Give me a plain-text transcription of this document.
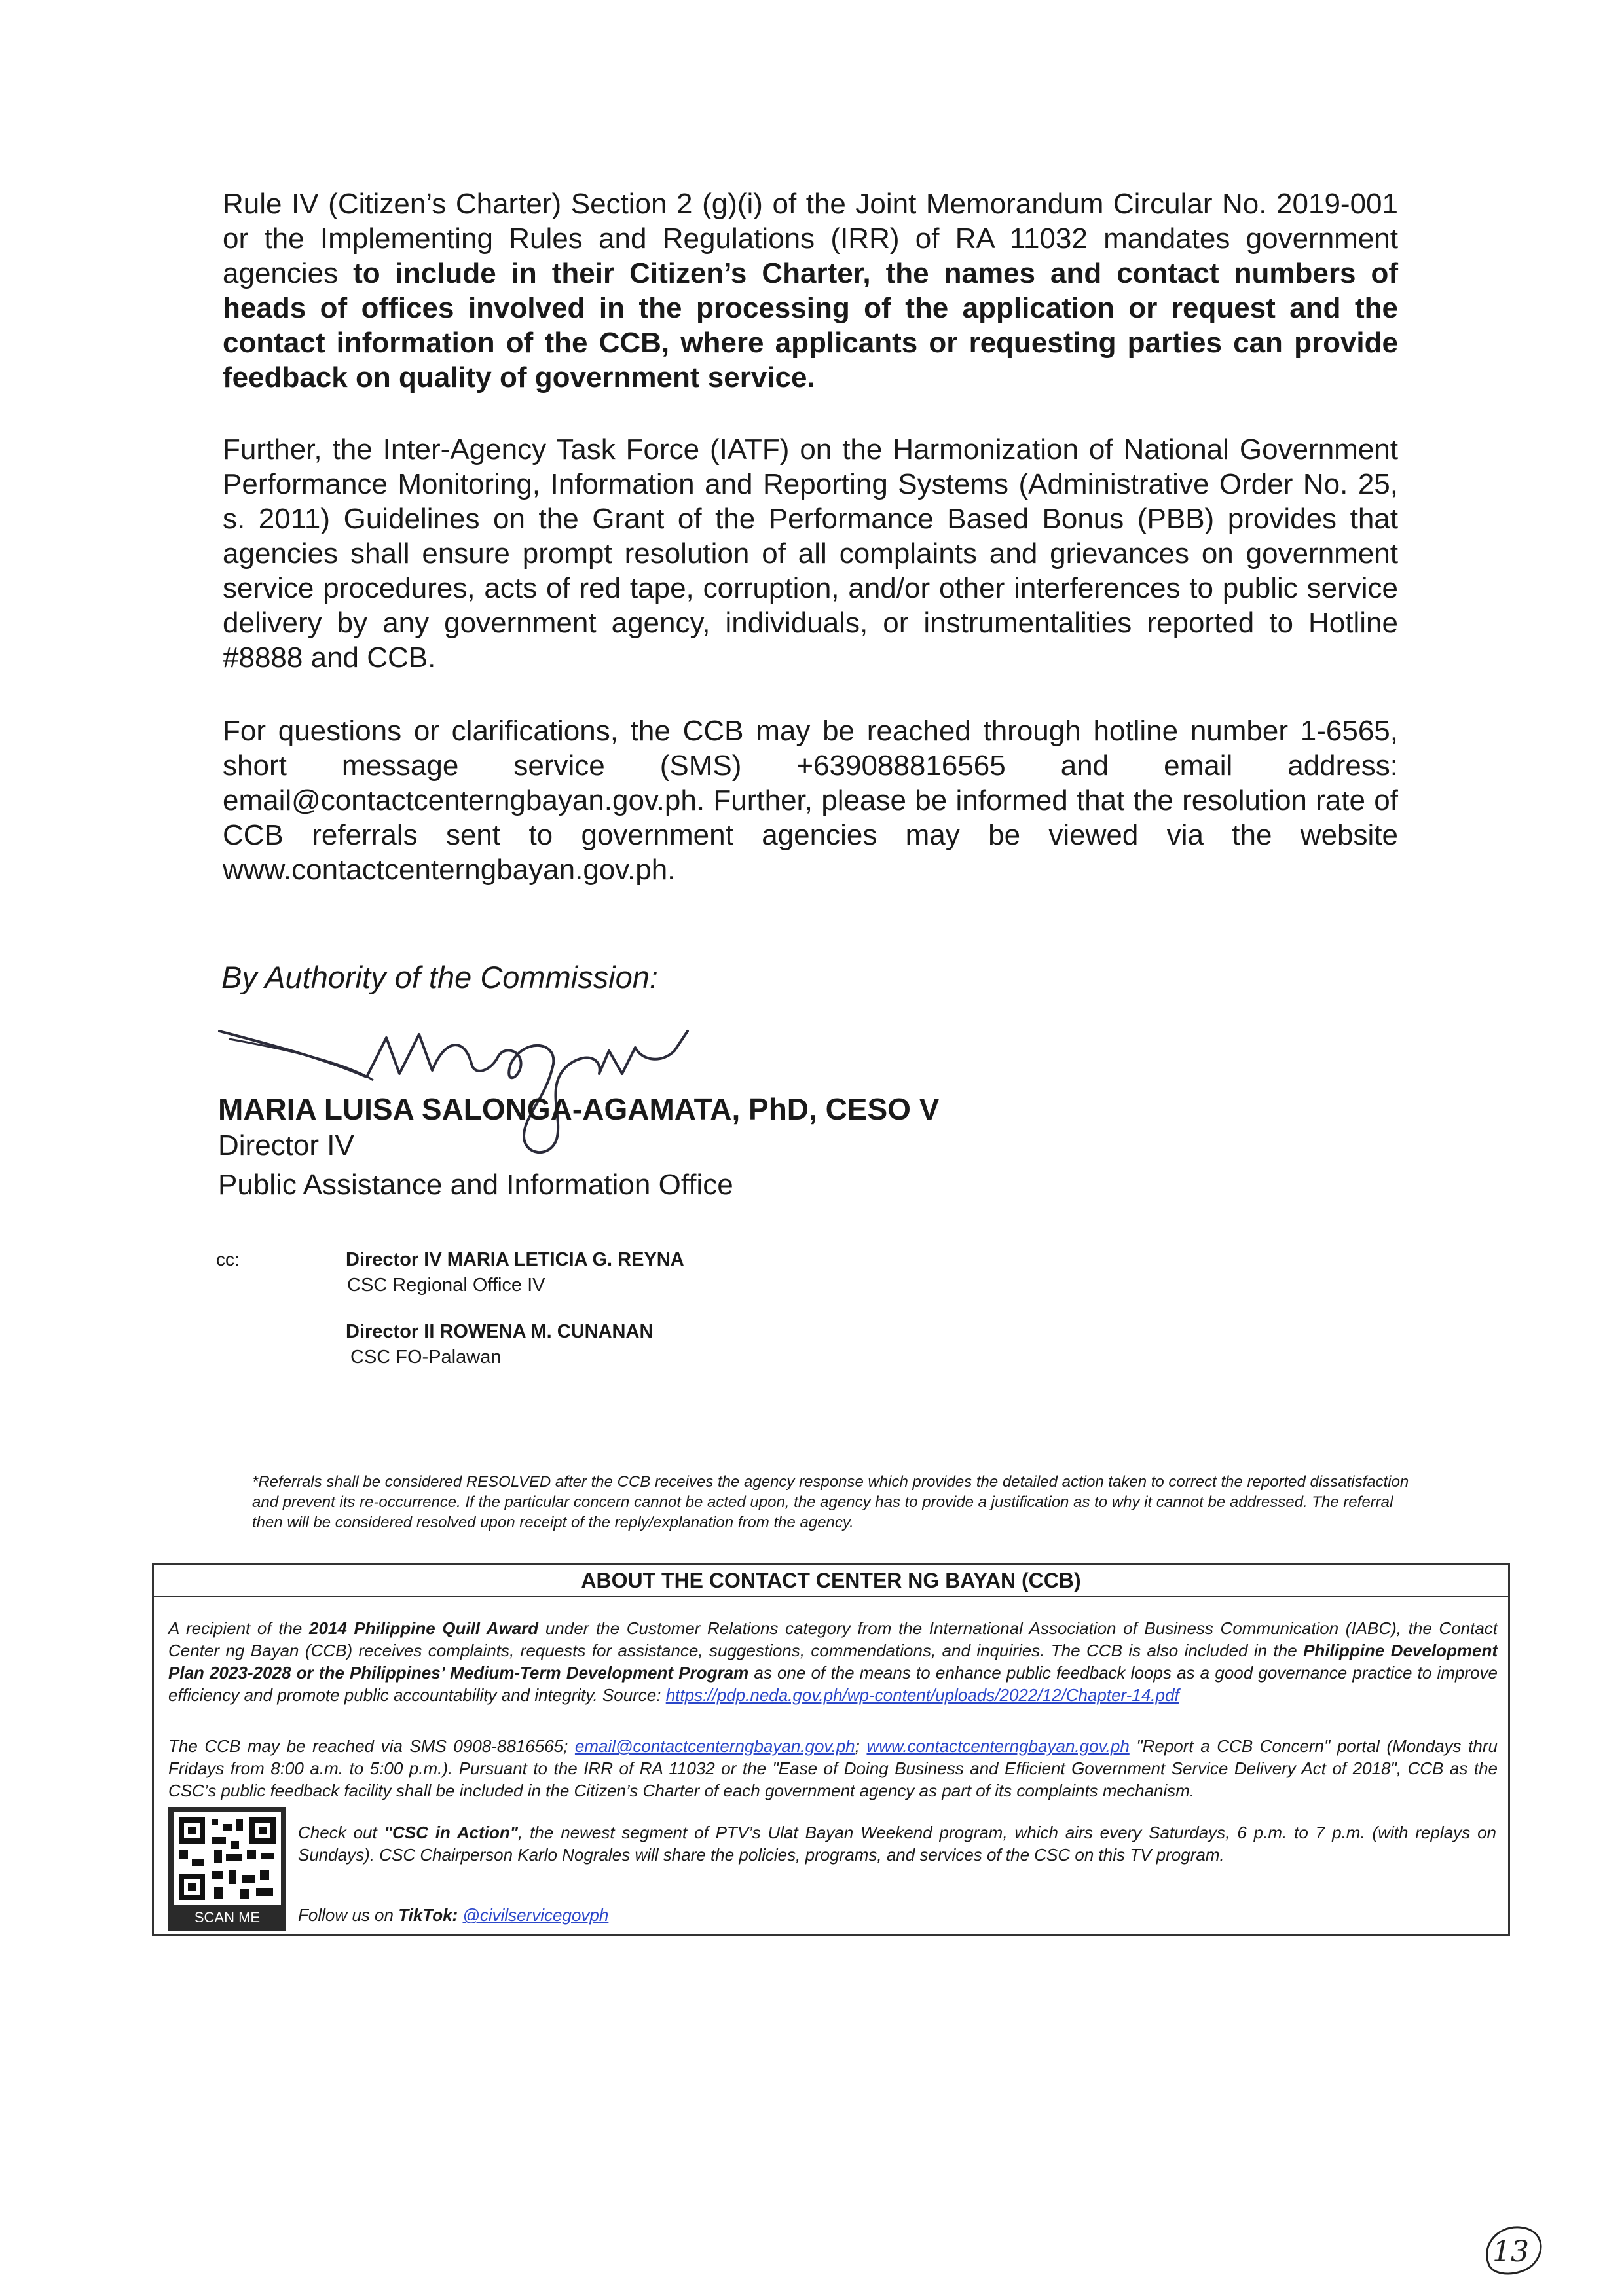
Rule IV (Citizen’s Charter) Section 2 (g)(i) of the Joint Memorandum Circular No. 2019-001 or the Implementing Rules and Regulations (IRR) of RA 11032 mandates government agencies to include in their Citizen’s Charter, the names and contact numbers of heads of offices involved in the processing of the application or request and the contact information of the CCB, where applicants or requesting parties can provide feedback on quality of government service.

Further, the Inter-Agency Task Force (IATF) on the Harmonization of National Government Performance Monitoring, Information and Reporting Systems (Administrative Order No. 25, s. 2011) Guidelines on the Grant of the Performance Based Bonus (PBB) provides that agencies shall ensure prompt resolution of all complaints and grievances on government service procedures, acts of red tape, corruption, and/or other interferences to public service delivery by any government agency, individuals, or instrumentalities reported to Hotline #8888 and CCB.

For questions or clarifications, the CCB may be reached through hotline number 1-6565, short message service (SMS) +639088816565 and email address: email@contactcenterngbayan.gov.ph. Further, please be informed that the resolution rate of CCB referrals sent to government agencies may be viewed via the website www.contactcenterngbayan.gov.ph.

By Authority of the Commission:

MARIA LUISA SALONGA-AGAMATA, PhD, CESO V

Director IV

Public Assistance and Information Office

cc:	Director IV MARIA LETICIA G. REYNA

CSC Regional Office IV

Director II ROWENA M. CUNANAN

CSC FO-Palawan

*Referrals shall be considered RESOLVED after the CCB receives the agency response which provides the detailed action taken to correct the reported dissatisfaction and prevent its re-occurrence. If the particular concern cannot be acted upon, the agency has to provide a justification as to why it cannot be addressed. The referral then will be considered resolved upon receipt of the reply/explanation from the agency.

ABOUT THE CONTACT CENTER NG BAYAN (CCB)

A recipient of the 2014 Philippine Quill Award under the Customer Relations category from the International Association of Business Communication (IABC), the Contact Center ng Bayan (CCB) receives complaints, requests for assistance, suggestions, commendations, and inquiries. The CCB is also included in the Philippine Development Plan 2023-2028 or the Philippines’ Medium-Term Development Program as one of the means to enhance public feedback loops as a good governance practice to improve efficiency and promote public accountability and integrity. Source: https://pdp.neda.gov.ph/wp-content/uploads/2022/12/Chapter-14.pdf

The CCB may be reached via SMS 0908-8816565; email@contactcenterngbayan.gov.ph; www.contactcenterngbayan.gov.ph "Report a CCB Concern" portal (Mondays thru Fridays from 8:00 a.m. to 5:00 p.m.). Pursuant to the IRR of RA 11032 or the "Ease of Doing Business and Efficient Government Service Delivery Act of 2018", CCB as the CSC’s public feedback facility shall be included in the Citizen’s Charter of each government agency as part of its complaints mechanism.

SCAN ME

Check out "CSC in Action", the newest segment of PTV’s Ulat Bayan Weekend program, which airs every Saturdays, 6 p.m. to 7 p.m. (with replays on Sundays). CSC Chairperson Karlo Nograles will share the policies, programs, and services of the CSC on this TV program.

Follow us on TikTok: @civilservicegovph

13
